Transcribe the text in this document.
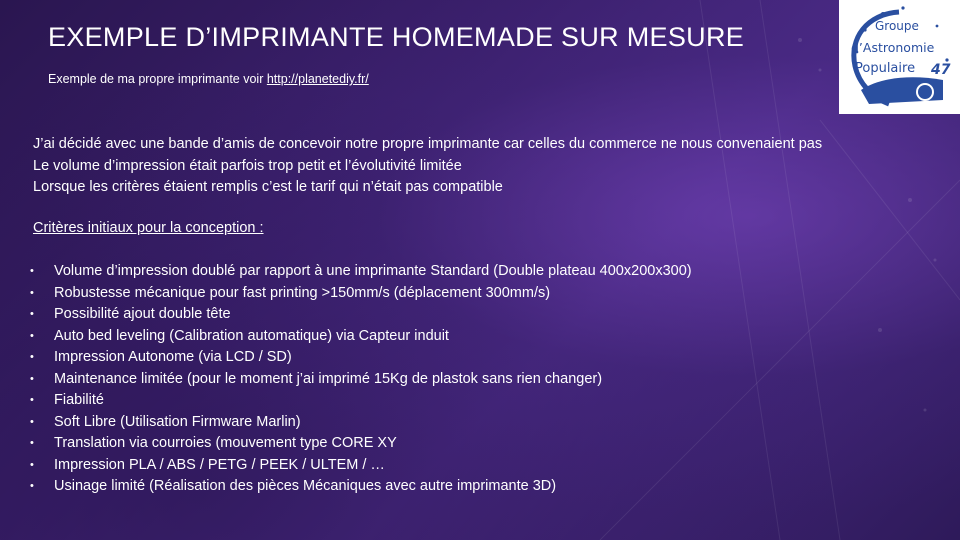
EXEMPLE D’IMPRIMANTE HOMEMADE SUR MESURE
Exemple de ma propre imprimante voir http://planetediy.fr/
Groupe
d’Astronomie
Populaire 47
J’ai décidé avec une bande d’amis de concevoir notre propre imprimante car celles du commerce ne nous convenaient pas
Le volume d’impression était parfois trop petit et l’évolutivité limitée
Lorsque les critères étaient remplis c’est le tarif qui n’était pas compatible
Critères initiaux pour la conception :
• Volume d’impression doublé par rapport à une imprimante Standard (Double plateau 400x200x300)
• Robustesse mécanique pour fast printing >150mm/s (déplacement 300mm/s)
• Possibilité ajout double tête
• Auto bed leveling (Calibration automatique) via Capteur induit
• Impression Autonome (via LCD / SD)
• Maintenance limitée (pour le moment j’ai imprimé 15Kg de plastok sans rien changer)
• Fiabilité
• Soft Libre (Utilisation Firmware Marlin)
• Translation via courroies (mouvement type CORE XY
• Impression PLA / ABS / PETG / PEEK / ULTEM / …
• Usinage limité (Réalisation des pièces Mécaniques avec autre imprimante 3D)
